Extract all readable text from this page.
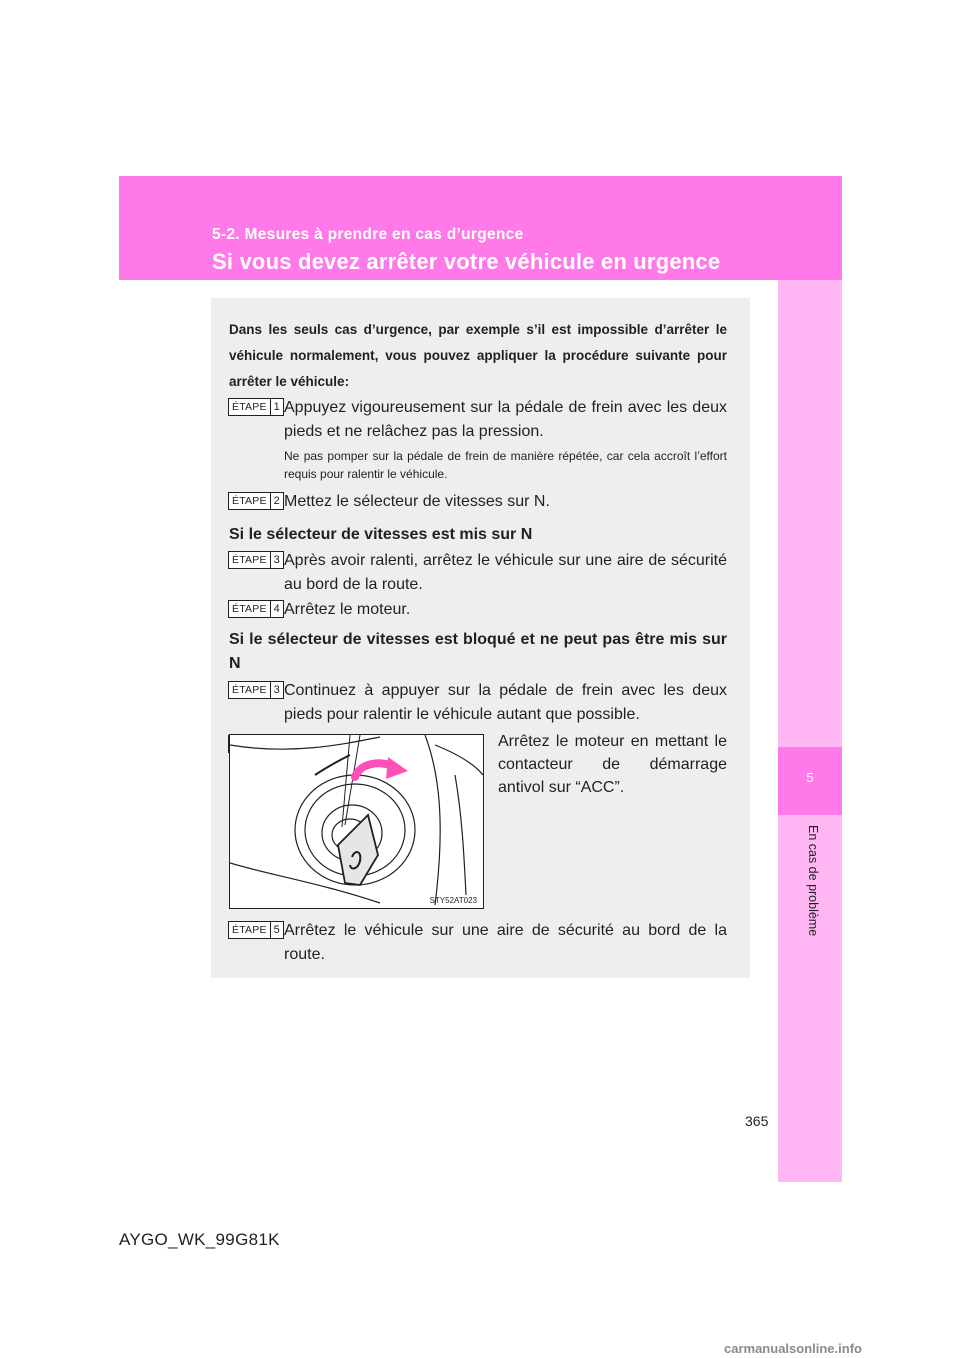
5-2. Mesures à prendre en cas d’urgence
Si vous devez arrêter votre véhicule en urgence
5
En cas de problème
Dans les seuls cas d’urgence, par exemple s’il est impossible d’arrêter le véhicule normalement, vous pouvez appliquer la procédure suivante pour arrêter le véhicule:
ÉTAPE 1 Appuyez vigoureusement sur la pédale de frein avec les deux pieds et ne relâchez pas la pression.
Ne pas pomper sur la pédale de frein de manière répétée, car cela accroît l’effort requis pour ralentir le véhicule.
ÉTAPE 2 Mettez le sélecteur de vitesses sur N.
Si le sélecteur de vitesses est mis sur N
ÉTAPE 3 Après avoir ralenti, arrêtez le véhicule sur une aire de sécurité au bord de la route.
ÉTAPE 4 Arrêtez le moteur.
Si le sélecteur de vitesses est bloqué et ne peut pas être mis sur N
ÉTAPE 3 Continuez à appuyer sur la pédale de frein avec les deux pieds pour ralentir le véhicule autant que possible.
STY52AT023
Arrêtez le moteur en mettant le contacteur de démarrage antivol sur “ACC”.
ÉTAPE 5 Arrêtez le véhicule sur une aire de sécurité au bord de la route.
365
AYGO_WK_99G81K
carmanualsonline.info
